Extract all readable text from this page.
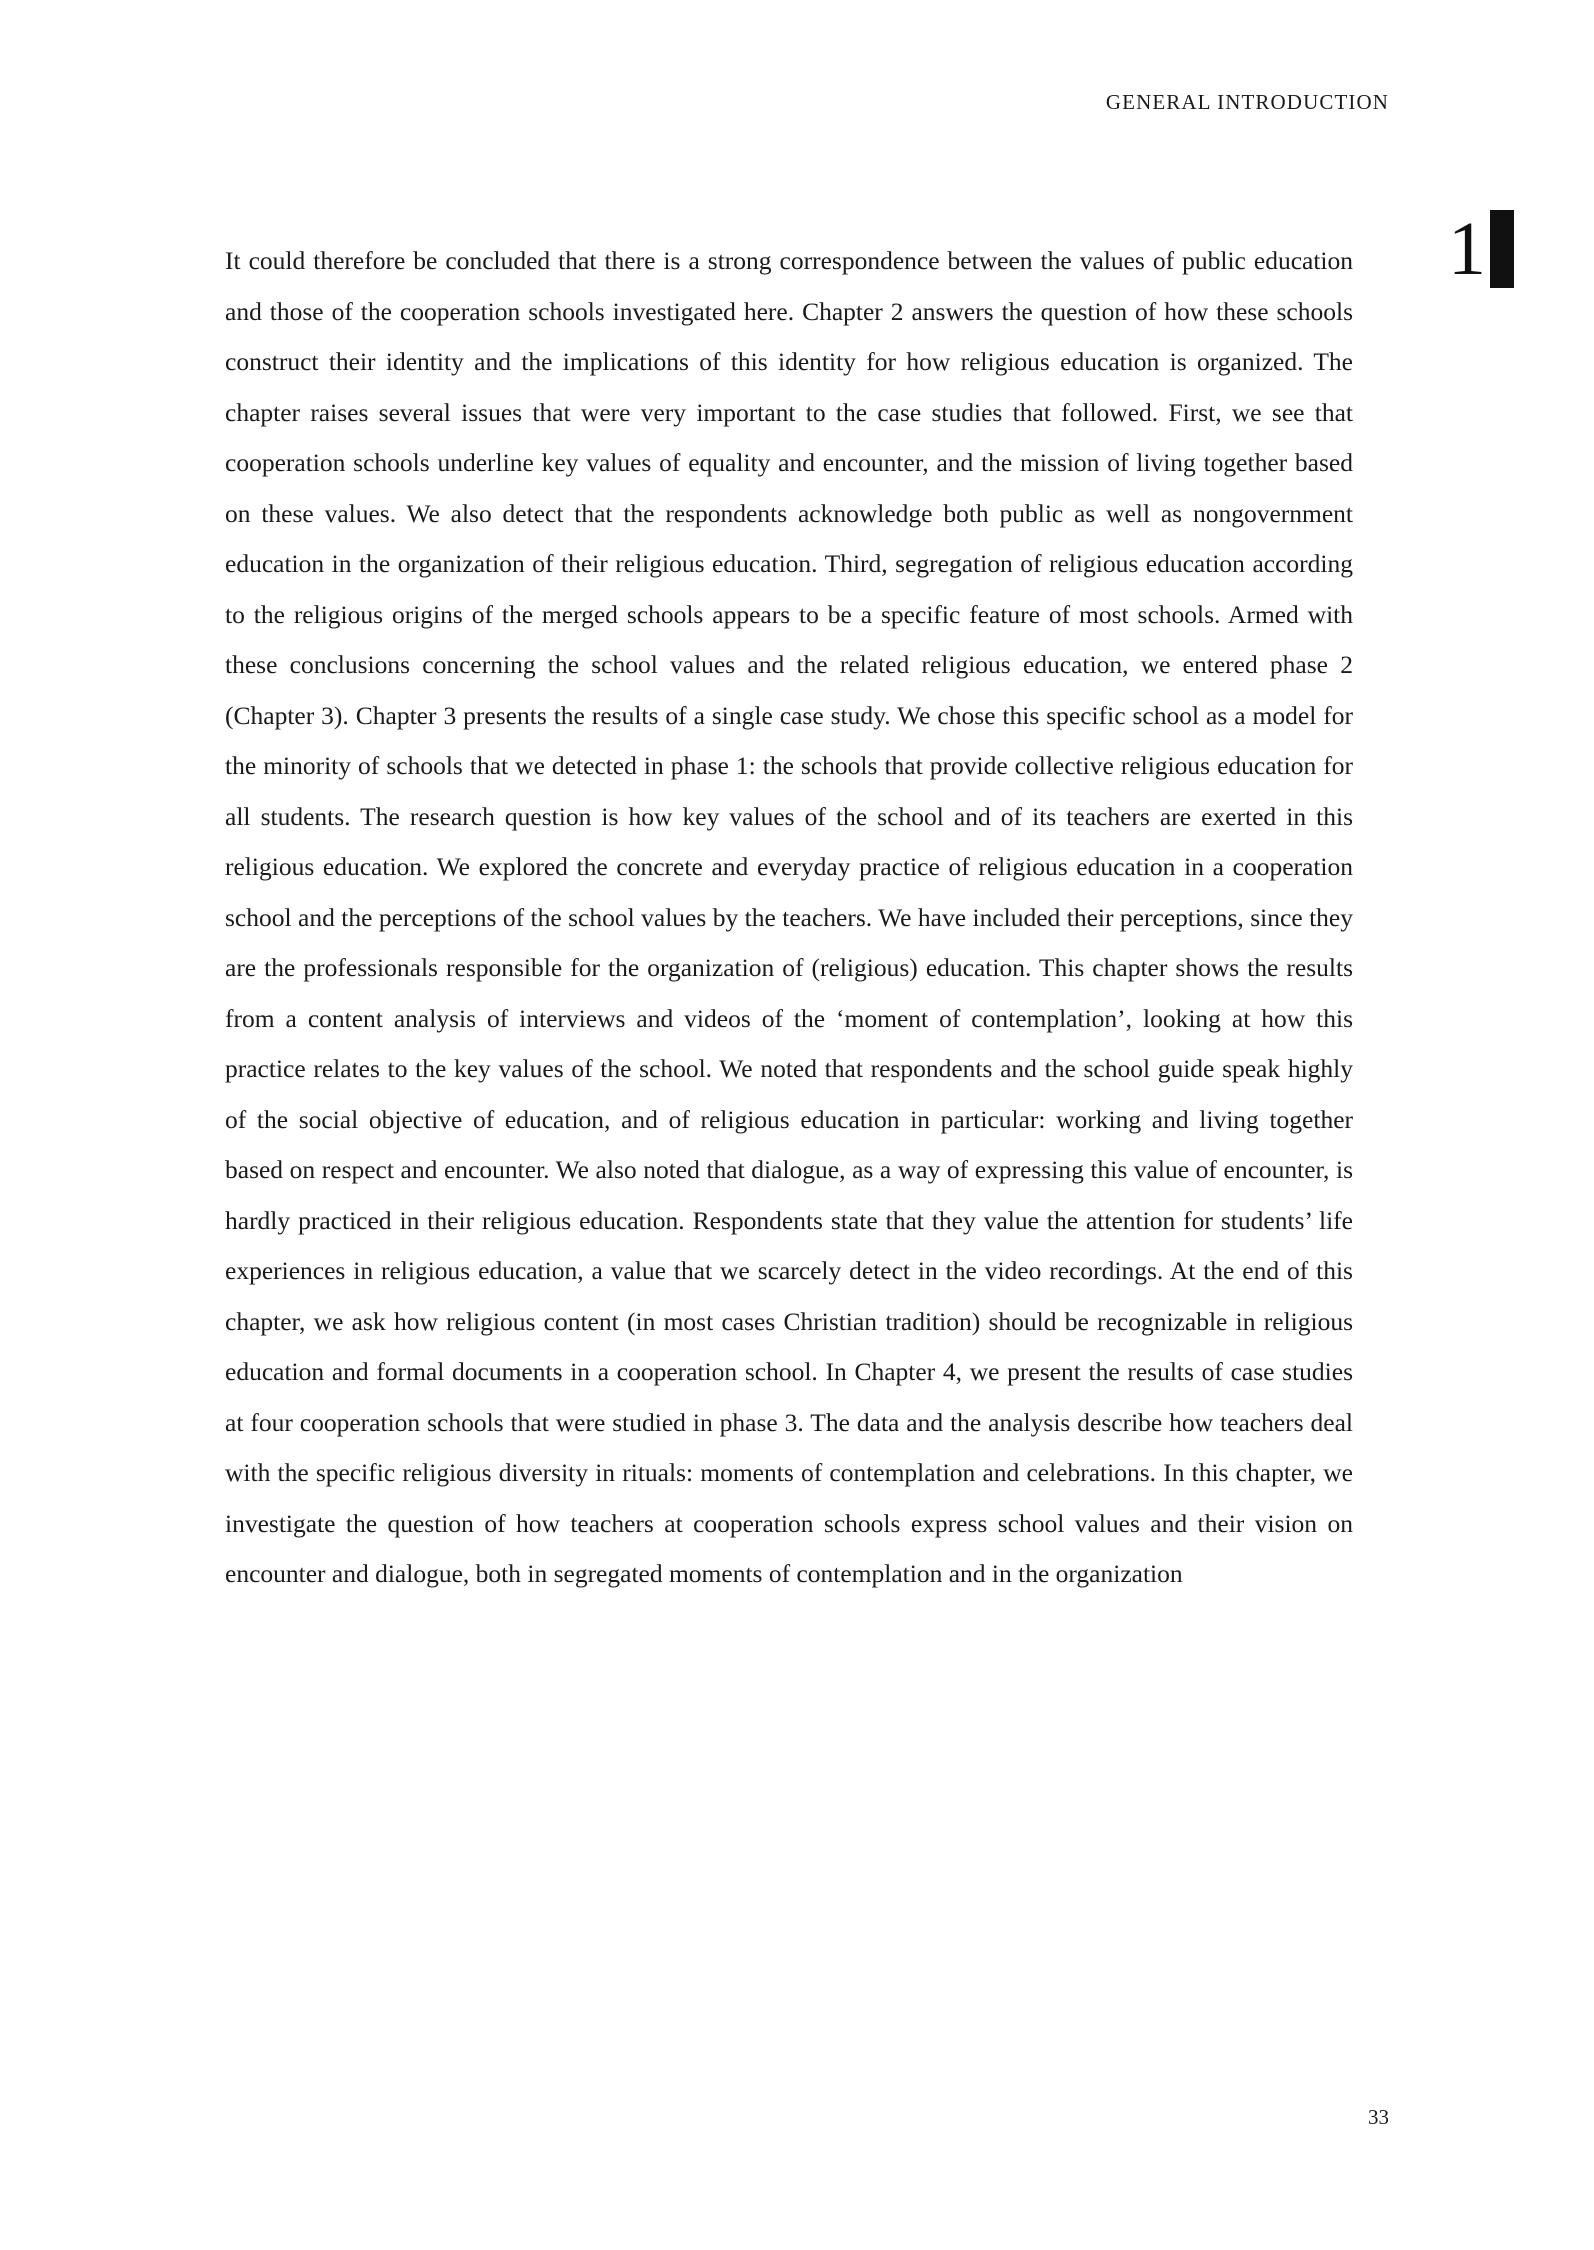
GENERAL INTRODUCTION
1
It could therefore be concluded that there is a strong correspondence between the values of public education and those of the cooperation schools investigated here. Chapter 2 answers the question of how these schools construct their identity and the implications of this identity for how religious education is organized. The chapter raises several issues that were very important to the case studies that followed. First, we see that cooperation schools underline key values of equality and encounter, and the mission of living together based on these values. We also detect that the respondents acknowledge both public as well as nongovernment education in the organization of their religious education. Third, segregation of religious education according to the religious origins of the merged schools appears to be a specific feature of most schools. Armed with these conclusions concerning the school values and the related religious education, we entered phase 2 (Chapter 3). Chapter 3 presents the results of a single case study. We chose this specific school as a model for the minority of schools that we detected in phase 1: the schools that provide collective religious education for all students. The research question is how key values of the school and of its teachers are exerted in this religious education. We explored the concrete and everyday practice of religious education in a cooperation school and the perceptions of the school values by the teachers. We have included their perceptions, since they are the professionals responsible for the organization of (religious) education. This chapter shows the results from a content analysis of interviews and videos of the ‘moment of contemplation’, looking at how this practice relates to the key values of the school. We noted that respondents and the school guide speak highly of the social objective of education, and of religious education in particular: working and living together based on respect and encounter. We also noted that dialogue, as a way of expressing this value of encounter, is hardly practiced in their religious education. Respondents state that they value the attention for students’ life experiences in religious education, a value that we scarcely detect in the video recordings. At the end of this chapter, we ask how religious content (in most cases Christian tradition) should be recognizable in religious education and formal documents in a cooperation school. In Chapter 4, we present the results of case studies at four cooperation schools that were studied in phase 3. The data and the analysis describe how teachers deal with the specific religious diversity in rituals: moments of contemplation and celebrations. In this chapter, we investigate the question of how teachers at cooperation schools express school values and their vision on encounter and dialogue, both in segregated moments of contemplation and in the organization
33
